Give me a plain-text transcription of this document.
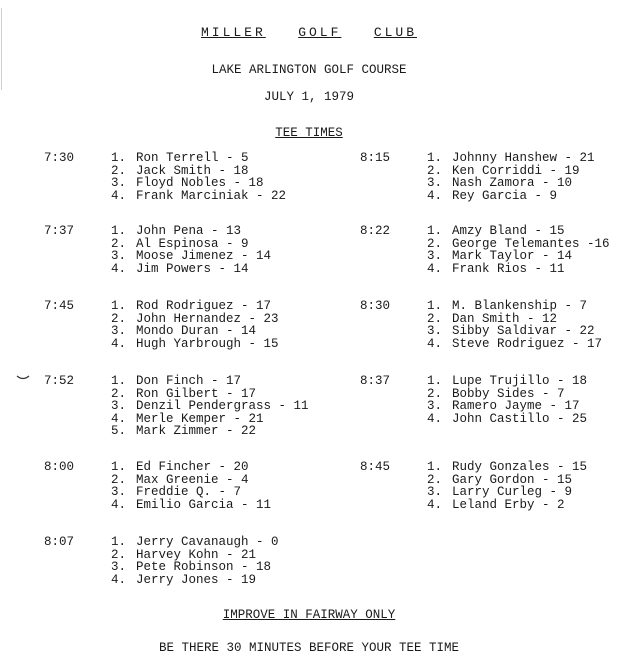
MILLER GOLF CLUB
LAKE ARLINGTON GOLF COURSE
JULY 1, 1979
TEE TIMES
7:30	1. Ron Terrell - 5
2. Jack Smith - 18
3. Floyd Nobles - 18
4. Frank Marciniak - 22
7:37	1. John Pena - 13
2. Al Espinosa - 9
3. Moose Jimenez - 14
4. Jim Powers - 14
7:45	1. Rod Rodriguez - 17
2. John Hernandez - 23
3. Mondo Duran - 14
4. Hugh Yarbrough - 15
7:52	1. Don Finch - 17
2. Ron Gilbert - 17
3. Denzil Pendergrass - 11
4. Merle Kemper - 21
5. Mark Zimmer - 22
8:00	1. Ed Fincher - 20
2. Max Greenie - 4
3. Freddie Q. - 7
4. Emilio Garcia - 11
8:07	1. Jerry Cavanaugh - 0
2. Harvey Kohn - 21
3. Pete Robinson - 18
4. Jerry Jones - 19
8:15	1. Johnny Hanshew - 21
2. Ken Corriddi - 19
3. Nash Zamora - 10
4. Rey Garcia - 9
8:22	1. Amzy Bland - 15
2. George Telemantes -16
3. Mark Taylor - 14
4. Frank Rios - 11
8:30	1. M. Blankenship - 7
2. Dan Smith - 12
3. Sibby Saldivar - 22
4. Steve Rodriguez - 17
8:37	1. Lupe Trujillo - 18
2. Bobby Sides - 7
3. Ramero Jayme - 17
4. John Castillo - 25
8:45	1. Rudy Gonzales - 15
2. Gary Gordon - 15
3. Larry Curleg - 9
4. Leland Erby - 2
IMPROVE IN FAIRWAY ONLY
BE THERE 30 MINUTES BEFORE YOUR TEE TIME
